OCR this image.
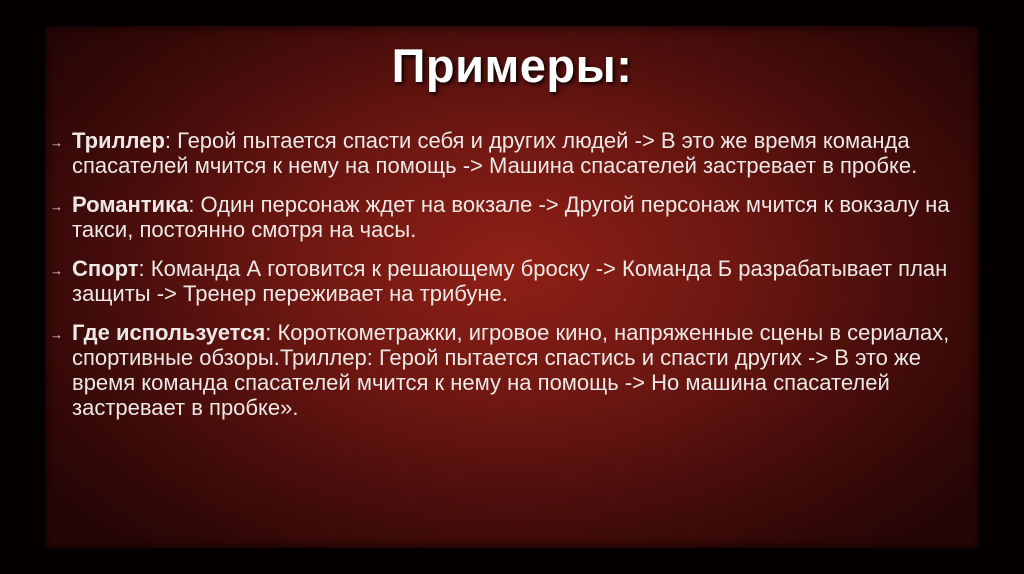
Примеры:
→ Триллер: Герой пытается спасти себя и других людей -> В это же время команда спасателей мчится к нему на помощь -> Машина спасателей застревает в пробке.
→ Романтика: Один персонаж ждет на вокзале -> Другой персонаж мчится к вокзалу на такси, постоянно смотря на часы.
→ Спорт: Команда А готовится к решающему броску -> Команда Б разрабатывает план защиты -> Тренер переживает на трибуне.
→ Где используется: Короткометражки, игровое кино, напряженные сцены в сериалах, спортивные обзоры.Триллер: Герой пытается спастись и спасти других -> В это же время команда спасателей мчится к нему на помощь -> Но машина спасателей застревает в пробке».
